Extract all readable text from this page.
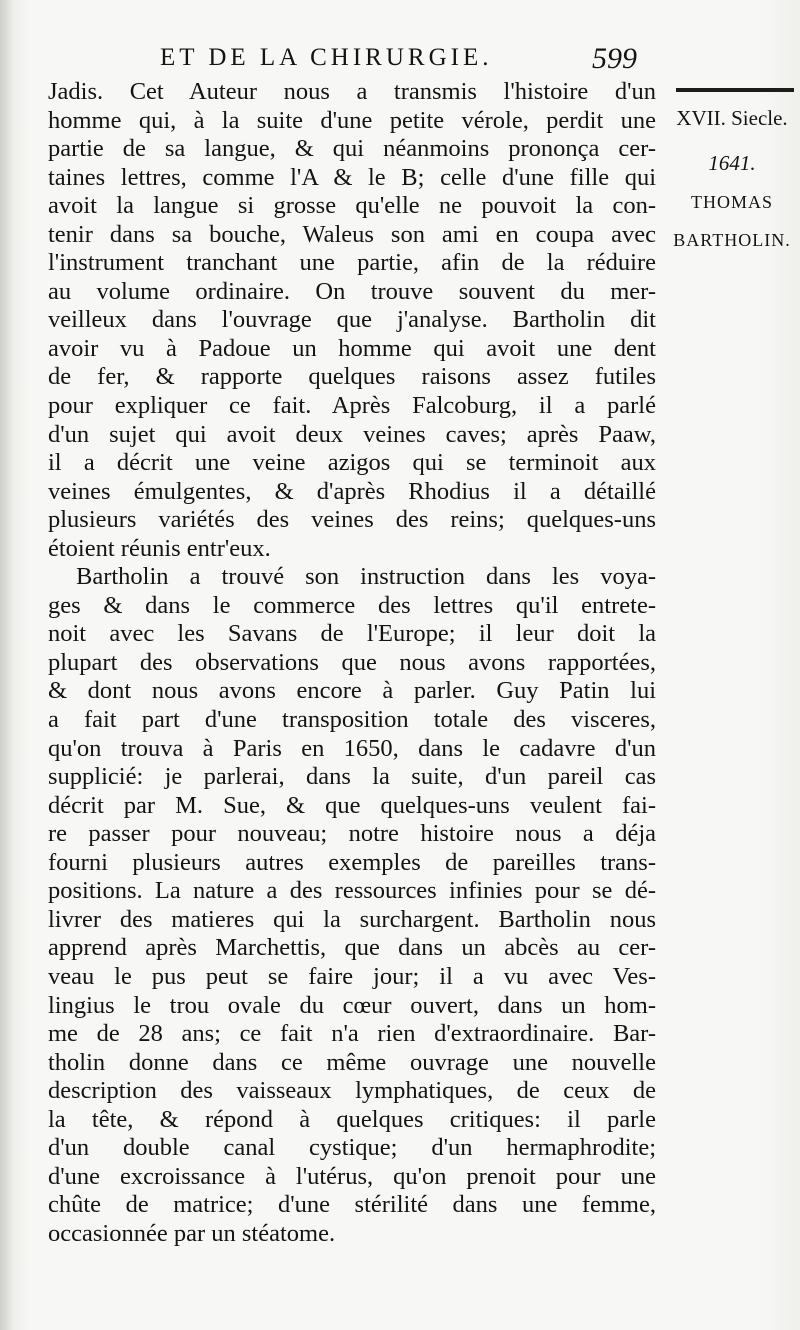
ET DE LA CHIRURGIE.	599
XVII. Siecle.
1641.
THOMAS
BARTHOLIN.
Jadis. Cet Auteur nous a transmis l'histoire d'un
homme qui, à la suite d'une petite vérole, perdit une
partie de sa langue, & qui néanmoins prononça cer-
taines lettres, comme l'A & le B; celle d'une fille qui
avoit la langue si grosse qu'elle ne pouvoit la con-
tenir dans sa bouche, Waleus son ami en coupa avec
l'instrument tranchant une partie, afin de la réduire
au volume ordinaire. On trouve souvent du mer-
veilleux dans l'ouvrage que j'analyse. Bartholin dit
avoir vu à Padoue un homme qui avoit une dent
de fer, & rapporte quelques raisons assez futiles
pour expliquer ce fait. Après Falcoburg, il a parlé
d'un sujet qui avoit deux veines caves; après Paaw,
il a décrit une veine azigos qui se terminoit aux
veines émulgentes, & d'après Rhodius il a détaillé
plusieurs variétés des veines des reins; quelques-uns
étoient réunis entr'eux.
Bartholin a trouvé son instruction dans les voya-
ges & dans le commerce des lettres qu'il entrete-
noit avec les Savans de l'Europe; il leur doit la
plupart des observations que nous avons rapportées,
& dont nous avons encore à parler. Guy Patin lui
a fait part d'une transposition totale des visceres,
qu'on trouva à Paris en 1650, dans le cadavre d'un
supplicié: je parlerai, dans la suite, d'un pareil cas
décrit par M. Sue, & que quelques-uns veulent fai-
re passer pour nouveau; notre histoire nous a déja
fourni plusieurs autres exemples de pareilles trans-
positions. La nature a des ressources infinies pour se dé-
livrer des matieres qui la surchargent. Bartholin nous
apprend après Marchettis, que dans un abcès au cer-
veau le pus peut se faire jour; il a vu avec Ves-
lingius le trou ovale du cœur ouvert, dans un hom-
me de 28 ans; ce fait n'a rien d'extraordinaire. Bar-
tholin donne dans ce même ouvrage une nouvelle
description des vaisseaux lymphatiques, de ceux de
la tête, & répond à quelques critiques: il parle
d'un double canal cystique; d'un hermaphrodite;
d'une excroissance à l'utérus, qu'on prenoit pour une
chûte de matrice; d'une stérilité dans une femme,
occasionnée par un stéatome.
